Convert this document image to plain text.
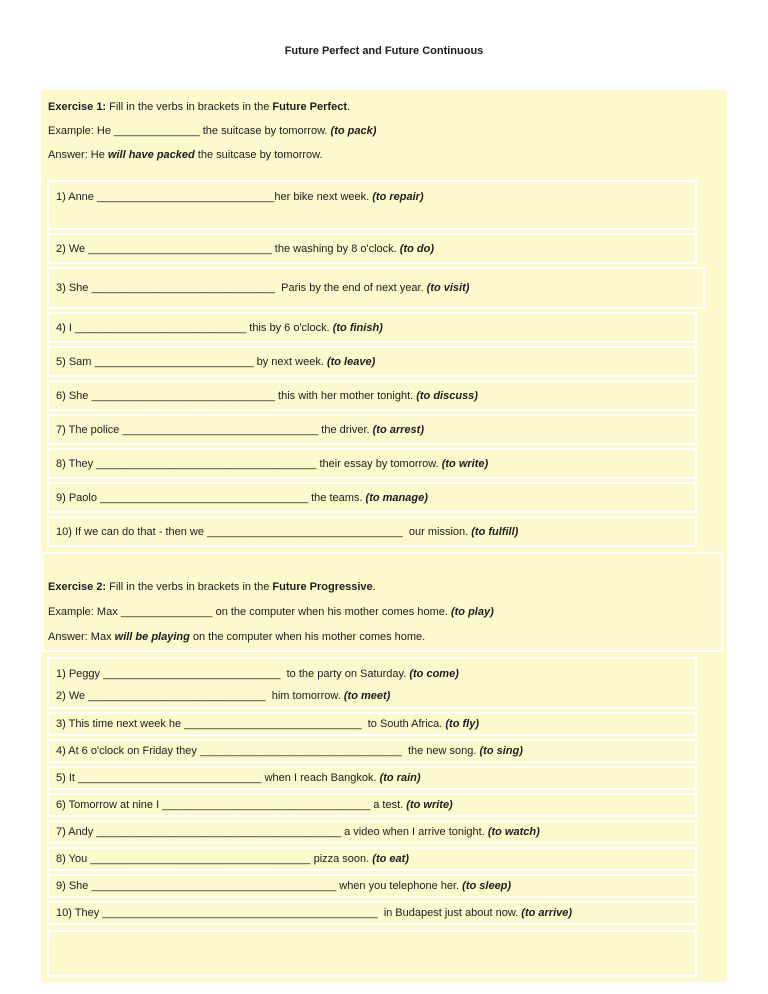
Future Perfect and Future Continuous
Exercise 1: Fill in the verbs in brackets in the Future Perfect .
Example: He ______________ the suitcase by tomorrow. (to pack)
Answer: He will have packed the suitcase by tomorrow.
1) Anne _____________________________ her bike next week. (to repair)
2) We ______________________________ the washing by 8 o'clock. (to do)
3) She ______________________________ Paris by the end of next year. (to visit)
4) I ____________________________ this by 6 o'clock. (to finish)
5) Sam __________________________ by next week. (to leave)
6) She ______________________________ this with her mother tonight. (to discuss)
7) The police ________________________________ the driver. (to arrest)
8) They ____________________________________ their essay by tomorrow. (to write)
9) Paolo __________________________________ the teams. (to manage)
10) If we can do that - then we ________________________________ our mission. (to fulfill)
Exercise 2: Fill in the verbs in brackets in the Future Progressive .
Example: Max _______________ on the computer when his mother comes home. (to play)
Answer: Max will be playing on the computer when his mother comes home.
1) Peggy _____________________________ to the party on Saturday. (to come)
2) We _____________________________ him tomorrow. (to meet)
3) This time next week he _____________________________ to South Africa. (to fly)
4) At 6 o'clock on Friday they _________________________________ the new song. (to sing)
5) It ______________________________ when I reach Bangkok. (to rain)
6) Tomorrow at nine I __________________________________ a test. (to write)
7) Andy ________________________________________ a video when I arrive tonight. (to watch)
8) You ____________________________________ pizza soon. (to eat)
9) She ________________________________________ when you telephone her. (to sleep)
10) They _____________________________________________ in Budapest just about now. (to arrive)
